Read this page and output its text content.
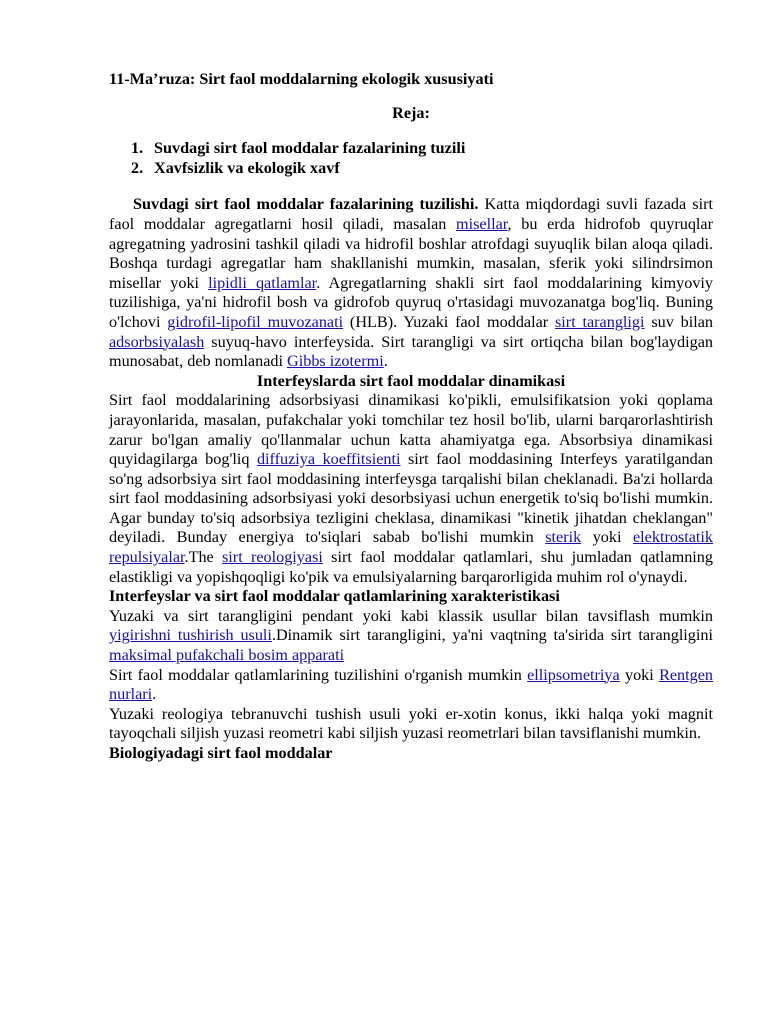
11-Ma’ruza: Sirt faol moddalarning ekologik xususiyati

Reja:

1. Suvdagi sirt faol moddalar fazalarining tuzili
2. Xavfsizlik va ekologik xavf

Suvdagi sirt faol moddalar fazalarining tuzilishi. Katta miqdordagi suvli fazada sirt faol moddalar agregatlarni hosil qiladi, masalan misellar, bu erda hidrofob quyruqlar agregatning yadrosini tashkil qiladi va hidrofil boshlar atrofdagi suyuqlik bilan aloqa qiladi. Boshqa turdagi agregatlar ham shakllanishi mumkin, masalan, sferik yoki silindrsimon misellar yoki lipidli qatlamlar. Agregatlarning shakli sirt faol moddalarining kimyoviy tuzilishiga, ya'ni hidrofil bosh va gidrofob quyruq o'rtasidagi muvozanatga bog'liq. Buning o'lchovi gidrofil-lipofil muvozanati (HLB). Yuzaki faol moddalar sirt tarangligi suv bilan adsorbsiyalash suyuq-havo interfeysida. Sirt tarangligi va sirt ortiqcha bilan bog'laydigan munosabat, deb nomlanadi Gibbs izotermi.

Interfeyslarda sirt faol moddalar dinamikasi

Sirt faol moddalarining adsorbsiyasi dinamikasi ko'pikli, emulsifikatsion yoki qoplama jarayonlarida, masalan, pufakchalar yoki tomchilar tez hosil bo'lib, ularni barqarorlashtirish zarur bo'lgan amaliy qo'llanmalar uchun katta ahamiyatga ega. Absorbsiya dinamikasi quyidagilarga bog'liq diffuziya koeffitsienti sirt faol moddasining Interfeys yaratilgandan so'ng adsorbsiya sirt faol moddasining interfeysga tarqalishi bilan cheklanadi. Ba'zi hollarda sirt faol moddasining adsorbsiyasi yoki desorbsiyasi uchun energetik to'siq bo'lishi mumkin. Agar bunday to'siq adsorbsiya tezligini cheklasa, dinamikasi "kinetik jihatdan cheklangan" deyiladi. Bunday energiya to'siqlari sabab bo'lishi mumkin sterik yoki elektrostatik repulsiyalar.The sirt reologiyasi sirt faol moddalar qatlamlari, shu jumladan qatlamning elastikligi va yopishqoqligi ko'pik va emulsiyalarning barqarorligida muhim rol o'ynaydi.

Interfeyslar va sirt faol moddalar qatlamlarining xarakteristikasi

Yuzaki va sirt tarangligini pendant yoki kabi klassik usullar bilan tavsiflash mumkin yigirishni tushirish usuli.Dinamik sirt tarangligini, ya'ni vaqtning ta'sirida sirt tarangligini maksimal pufakchali bosim apparati

Sirt faol moddalar qatlamlarining tuzilishini o'rganish mumkin ellipsometriya yoki Rentgen nurlari.

Yuzaki reologiya tebranuvchi tushish usuli yoki er-xotin konus, ikki halqa yoki magnit tayoqchali siljish yuzasi reometri kabi siljish yuzasi reometrlari bilan tavsiflanishi mumkin.

Biologiyadagi sirt faol moddalar
